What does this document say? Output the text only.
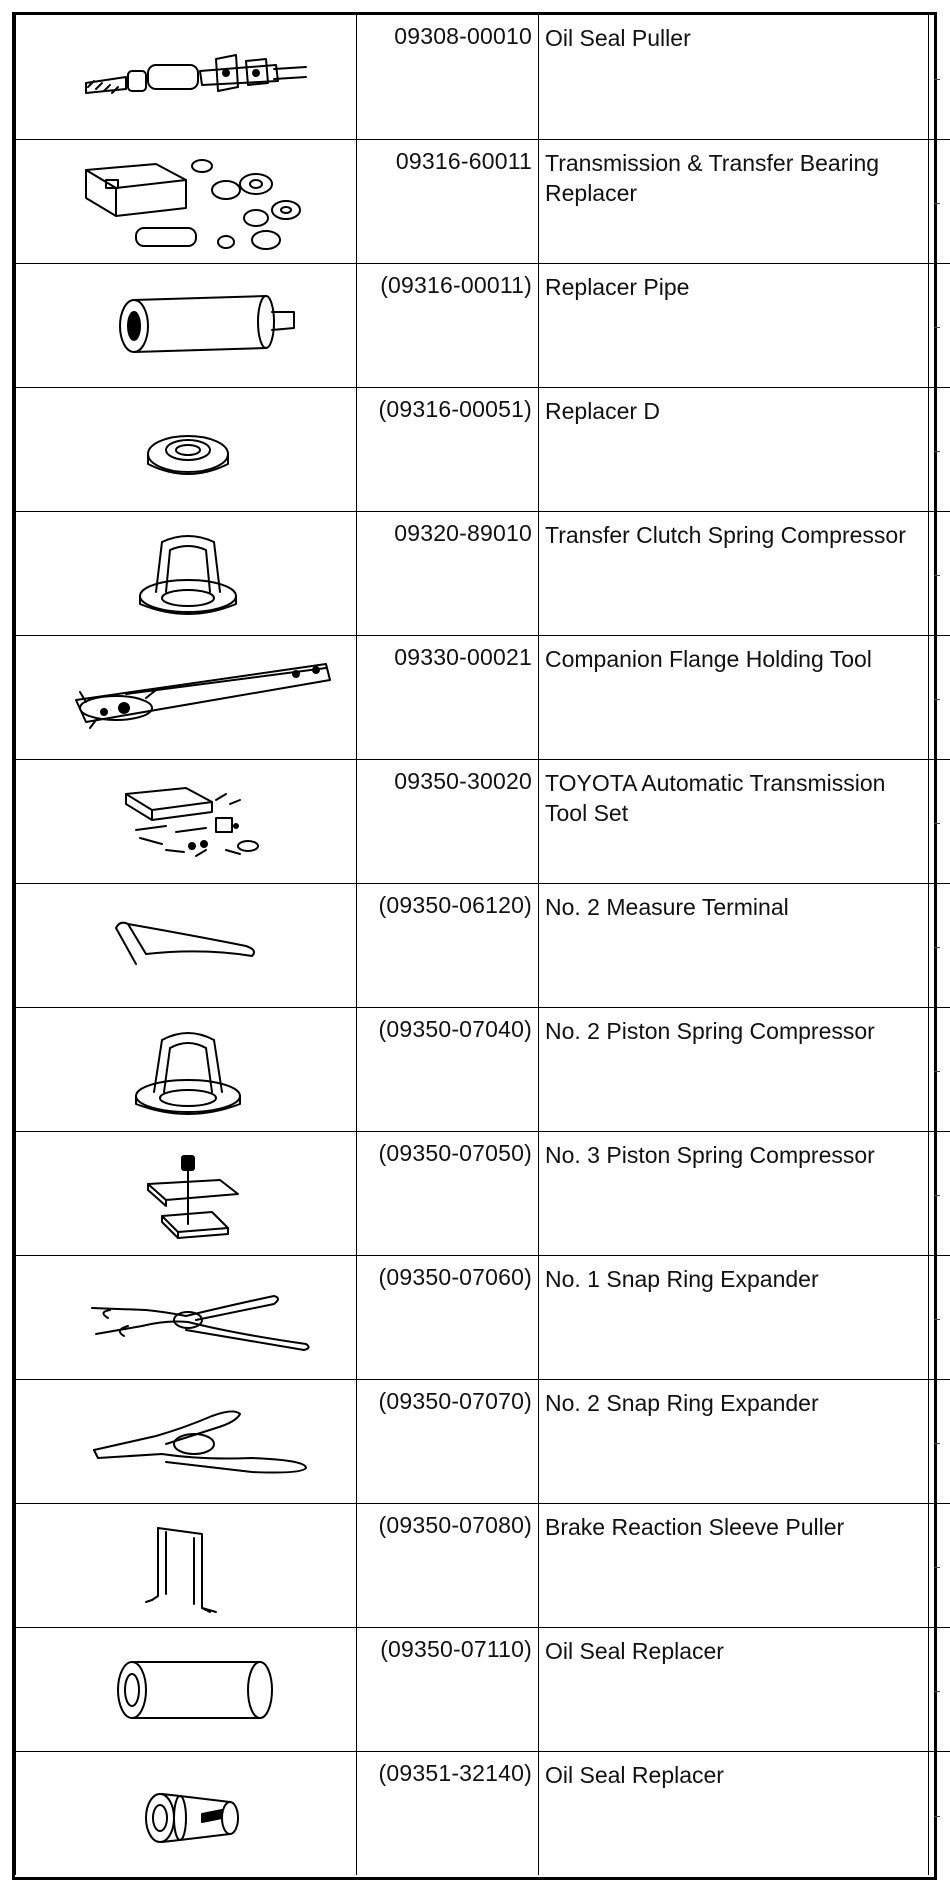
	09308-00010	Oil Seal Puller	

	09316-60011	Transmission & Transfer Bearing Replacer	

	(09316-00011)	Replacer Pipe	

	(09316-00051)	Replacer D	

	09320-89010	Transfer Clutch Spring Compressor	

	09330-00021	Companion Flange Holding Tool	

	09350-30020	TOYOTA Automatic Transmission Tool Set	

	(09350-06120)	No. 2 Measure Terminal	

	(09350-07040)	No. 2 Piston Spring Compressor	

	(09350-07050)	No. 3 Piston Spring Compressor	

	(09350-07060)	No. 1 Snap Ring Expander	

	(09350-07070)	No. 2 Snap Ring Expander	

	(09350-07080)	Brake Reaction Sleeve Puller	

	(09350-07110)	Oil Seal Replacer	

	(09351-32140)	Oil Seal Replacer	
